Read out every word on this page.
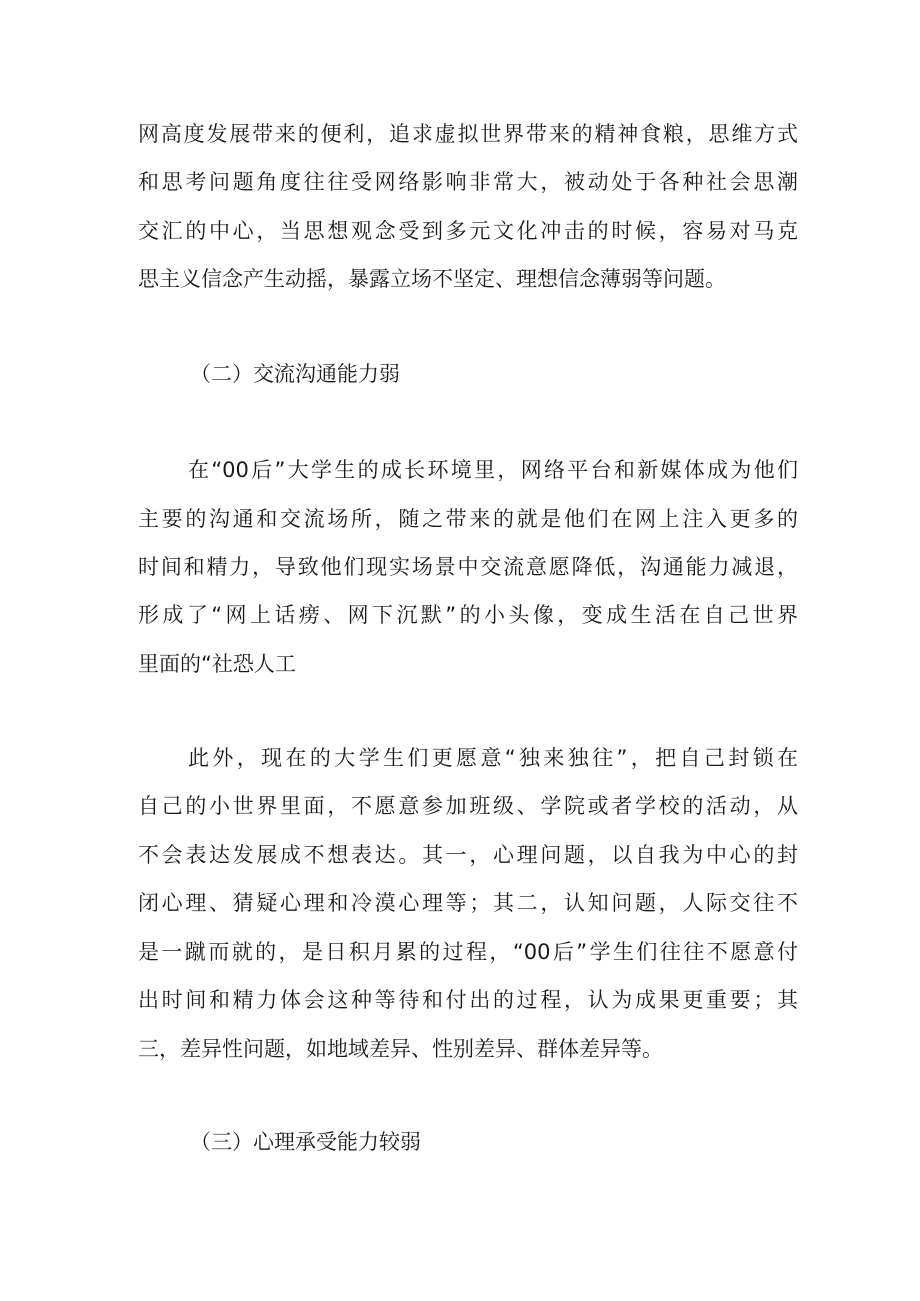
网高度发展带来的便利，追求虚拟世界带来的精神食粮，思维方式
和思考问题角度往往受网络影响非常大，被动处于各种社会思潮
交汇的中心，当思想观念受到多元文化冲击的时候，容易对马克
思主义信念产生动摇，暴露立场不坚定、理想信念薄弱等问题。
（二）交流沟通能力弱
在“00后”大学生的成长环境里，网络平台和新媒体成为他们
主要的沟通和交流场所，随之带来的就是他们在网上注入更多的
时间和精力，导致他们现实场景中交流意愿降低，沟通能力减退，
形成了“网上话痨、网下沉默”的小头像，变成生活在自己世界
里面的“社恐人工
此外，现在的大学生们更愿意“独来独往”，把自己封锁在
自己的小世界里面，不愿意参加班级、学院或者学校的活动，从
不会表达发展成不想表达。其一，心理问题，以自我为中心的封
闭心理、猜疑心理和冷漠心理等；其二，认知问题，人际交往不
是一蹴而就的，是日积月累的过程，“00后”学生们往往不愿意付
出时间和精力体会这种等待和付出的过程，认为成果更重要；其
三，差异性问题，如地域差异、性别差异、群体差异等。
（三）心理承受能力较弱
